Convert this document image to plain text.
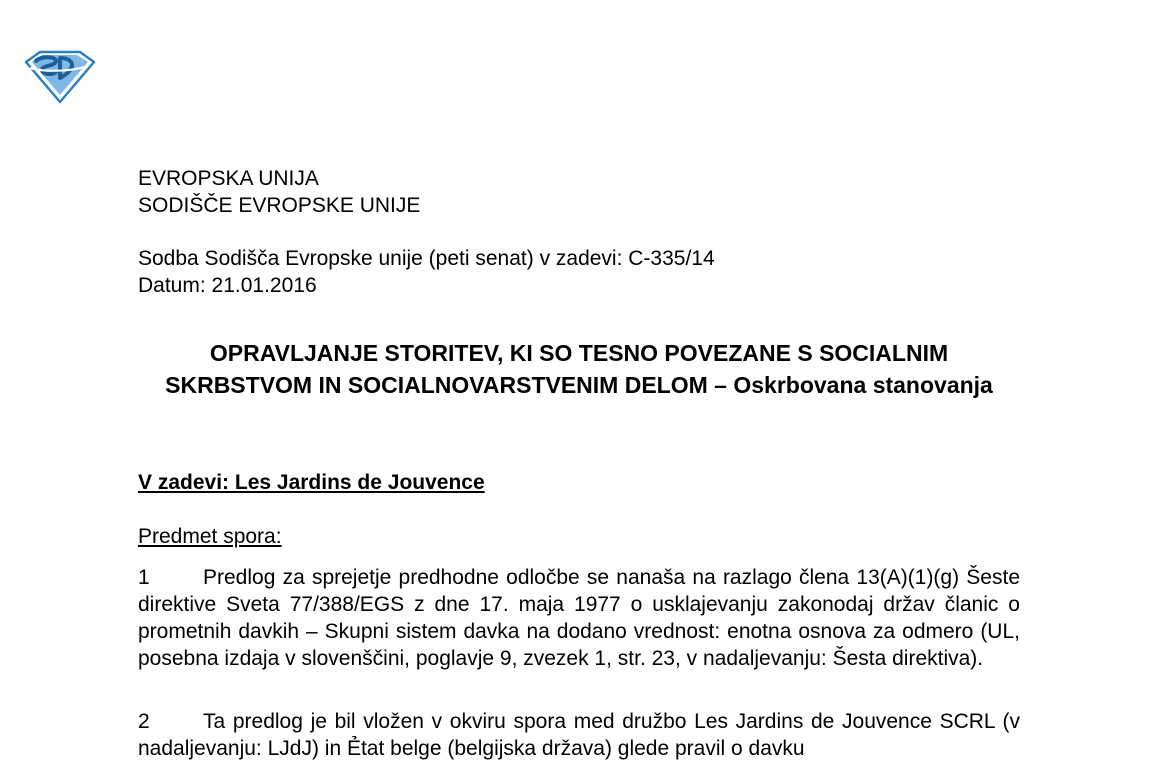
EVROPSKA UNIJA
SODIŠČE EVROPSKE UNIJE
Sodba Sodišča Evropske unije (peti senat) v zadevi: C-335/14
Datum: 21.01.2016
OPRAVLJANJE STORITEV, KI SO TESNO POVEZANE S SOCIALNIM SKRBSTVOM IN SOCIALNOVARSTVENIM DELOM – Oskrbovana stanovanja
V zadevi: Les Jardins de Jouvence
Predmet spora:
1	Predlog za sprejetje predhodne odločbe se nanaša na razlago člena 13(A)(1)(g) Šeste direktive Sveta 77/388/EGS z dne 17. maja 1977 o usklajevanju zakonodaj držav članic o prometnih davkih – Skupni sistem davka na dodano vrednost: enotna osnova za odmero (UL, posebna izdaja v slovenščini, poglavje 9, zvezek 1, str. 23, v nadaljevanju: Šesta direktiva).
2	Ta predlog je bil vložen v okviru spora med družbo Les Jardins de Jouvence SCRL (v nadaljevanju: LJdJ) in Ẻtat belge (belgijska država) glede pravil o davku
